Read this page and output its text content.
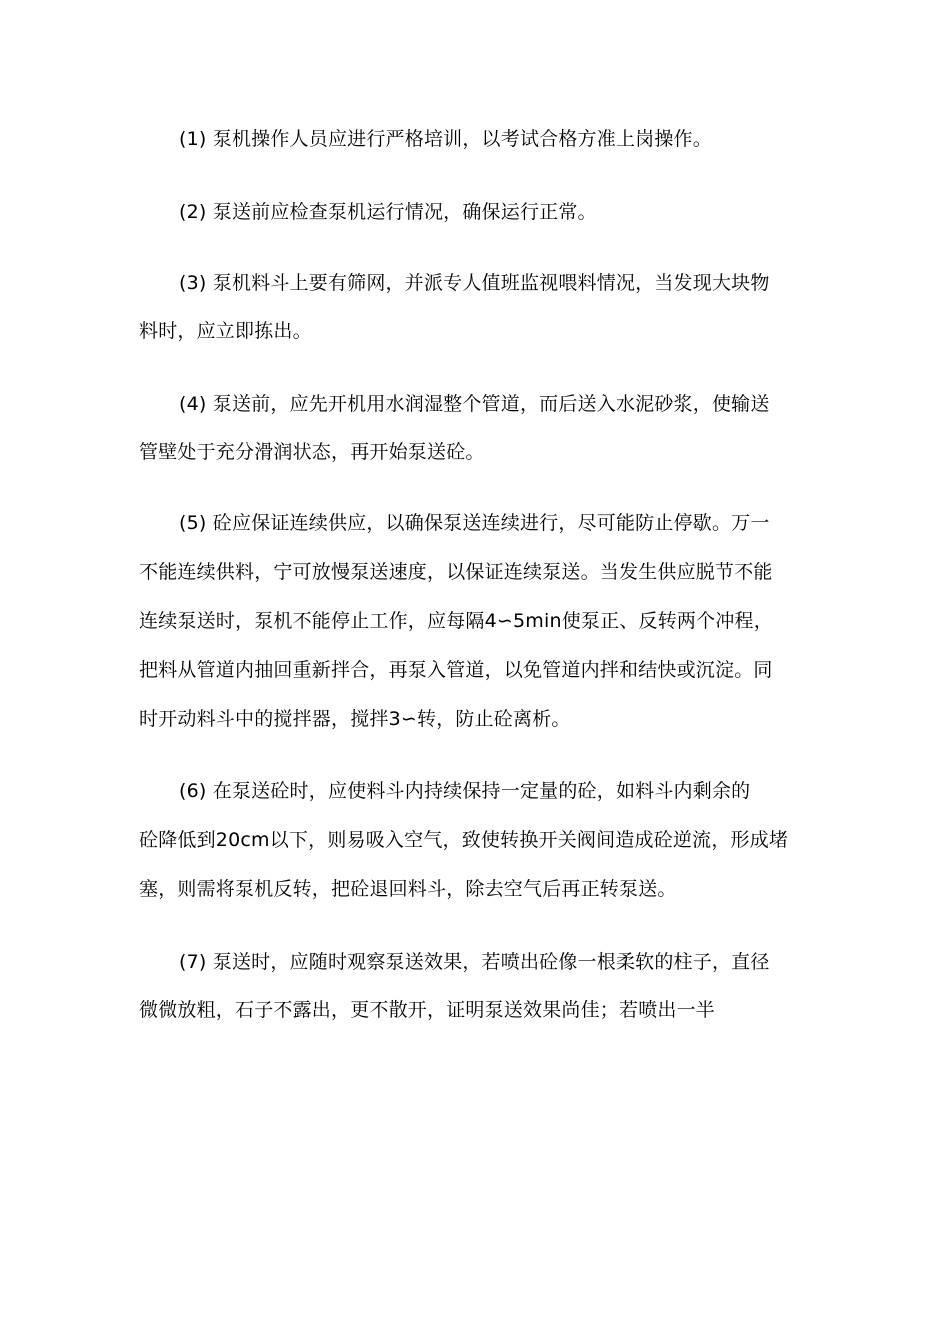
(1) 泵机操作人员应进行严格培训，以考试合格方准上岗操作。
(2) 泵送前应检查泵机运行情况，确保运行正常。
(3) 泵机料斗上要有筛网，并派专人值班监视喂料情况，当发现大块物
料时，应立即拣出。
(4) 泵送前，应先开机用水润湿整个管道，而后送入水泥砂浆，使输送
管壁处于充分滑润状态，再开始泵送砼。
(5) 砼应保证连续供应，以确保泵送连续进行，尽可能防止停歇。万一
不能连续供料，宁可放慢泵送速度，以保证连续泵送。当发生供应脱节不能
连续泵送时，泵机不能停止工作，应每隔4∽5min使泵正、反转两个冲程，
把料从管道内抽回重新拌合，再泵入管道，以免管道内拌和结快或沉淀。同
时开动料斗中的搅拌器，搅拌3∽转，防止砼离析。
(6) 在泵送砼时，应使料斗内持续保持一定量的砼，如料斗内剩余的
砼降低到20cm以下，则易吸入空气，致使转换开关阀间造成砼逆流，形成堵
塞，则需将泵机反转，把砼退回料斗，除去空气后再正转泵送。
(7) 泵送时，应随时观察泵送效果，若喷出砼像一根柔软的柱子，直径
微微放粗，石子不露出，更不散开，证明泵送效果尚佳；若喷出一半
